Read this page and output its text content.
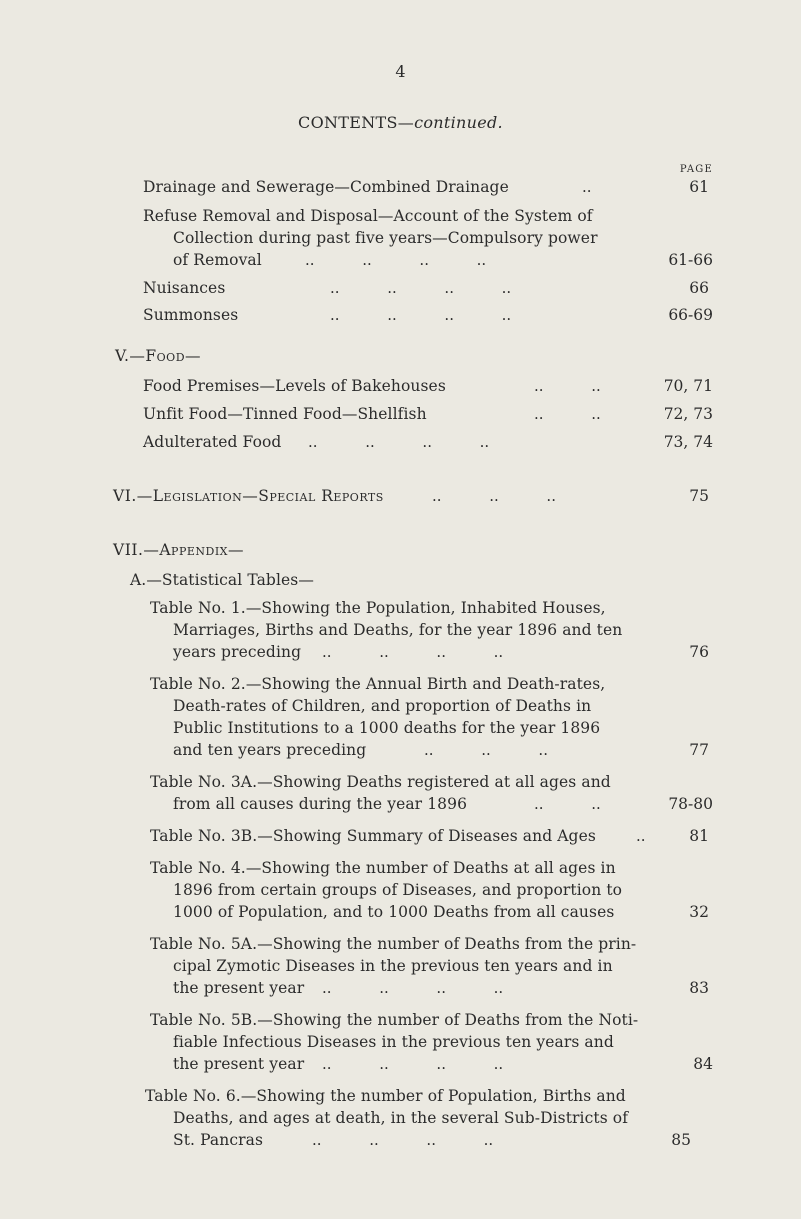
4
CONTENTS—continued.
PAGE
Drainage and Sewerage—Combined Drainage	..	61
Refuse Removal and Disposal—Account of the System of
Collection during past five years—Compulsory power
of Removal	..          ..          ..          ..	61-66
Nuisances	..          ..          ..          ..	66
Summonses	..          ..          ..          ..	66-69
V.—Food—
Food Premises—Levels of Bakehouses	..          ..	70, 71
Unfit Food—Tinned Food—Shellfish	..          ..	72, 73
Adulterated Food ..          ..          ..          ..	73, 74
VI.—Legislation—Special Reports	..          ..          ..	75
VII.—Appendix—
A.—Statistical Tables—
Table No. 1.—Showing the Population, Inhabited Houses,
Marriages, Births and Deaths, for the year 1896 and ten
years preceding ..          ..          ..          ..	76
Table No. 2.—Showing the Annual Birth and Death-rates,
Death-rates of Children, and proportion of Deaths in
Public Institutions to a 1000 deaths for the year 1896
and ten years preceding	..          ..          ..	77
Table No. 3A.—Showing Deaths registered at all ages and
from all causes during the year 1896	..          ..	78-80
Table No. 3B.—Showing Summary of Diseases and Ages	..	81
Table No. 4.—Showing the number of Deaths at all ages in
1896 from certain groups of Diseases, and proportion to
1000 of Population, and to 1000 Deaths from all causes	32
Table No. 5A.—Showing the number of Deaths from the prin-
cipal Zymotic Diseases in the previous ten years and in
the present year ..          ..          ..          ..	83
Table No. 5B.—Showing the number of Deaths from the Noti-
fiable Infectious Diseases in the previous ten years and
the present year ..          ..          ..          ..	84
Table No. 6.—Showing the number of Population, Births and
Deaths, and ages at death, in the several Sub-Districts of
St. Pancras	..          ..          ..          ..	85
